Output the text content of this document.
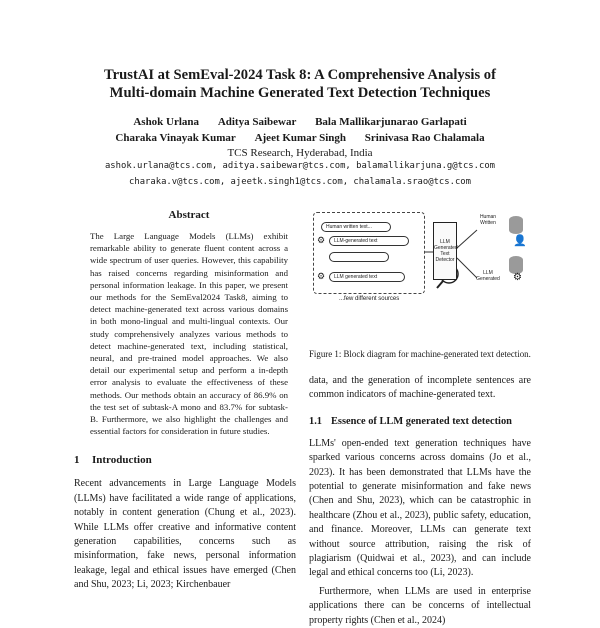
TrustAI at SemEval-2024 Task 8: A Comprehensive Analysis of
Multi-domain Machine Generated Text Detection Techniques
Ashok Urlana Aditya Saibewar Bala Mallikarjunarao Garlapati
Charaka Vinayak Kumar Ajeet Kumar Singh Srinivasa Rao Chalamala
TCS Research, Hyderabad, India
ashok.urlana@tcs.com, aditya.saibewar@tcs.com, balamallikarjuna.g@tcs.com
charaka.v@tcs.com, ajeetk.singh1@tcs.com, chalamala.srao@tcs.com
Abstract
The Large Language Models (LLMs) exhibit remarkable ability to generate fluent content across a wide spectrum of user queries. However, this capability has raised concerns regarding misinformation and personal information leakage. In this paper, we present our methods for the SemEval2024 Task8, aiming to detect machine-generated text across various domains in both mono-lingual and multi-lingual contexts. Our study comprehensively analyzes various methods to detect machine-generated text, including statistical, neural, and pre-trained model approaches. We also detail our experimental setup and perform a in-depth error analysis to evaluate the effectiveness of these methods. Our methods obtain an accuracy of 86.9% on the test set of subtask-A mono and 83.7% for subtask-B. Furthermore, we also highlight the challenges and essential factors for consideration in future studies.
1 Introduction
Recent advancements in Large Language Models (LLMs) have facilitated a wide range of applications, notably in content generation (Chung et al., 2023). While LLMs offer creative and informative content generation capabilities, concerns such as misinformation, fake news, personal information leakage, legal and ethical issues have emerged (Chen and Shu, 2023; Li, 2023; Kirchenbauer
Human written text...
⚙	LLM-generated text
⚙	LLM generated text
LLM Generated Text Detector
Human Written
👤
LLM Generated	⚙
...few different sources
Figure 1: Block diagram for machine-generated text detection.
data, and the generation of incomplete sentences are common indicators of machine-generated text.
1.1 Essence of LLM generated text detection
LLMs' open-ended text generation techniques have sparked various concerns across domains (Jo et al., 2023). It has been demonstrated that LLMs have the potential to generate misinformation and fake news (Chen and Shu, 2023), which can be catastrophic in healthcare (Zhou et al., 2023), public safety, education, and finance. Moreover, LLMs can generate text without source attribution, raising the risk of plagiarism (Quidwai et al., 2023), and can include legal and ethical concerns too (Li, 2023).
Furthermore, when LLMs are used in enterprise applications there can be concerns of intellectual property rights (Chen et al., 2024)
